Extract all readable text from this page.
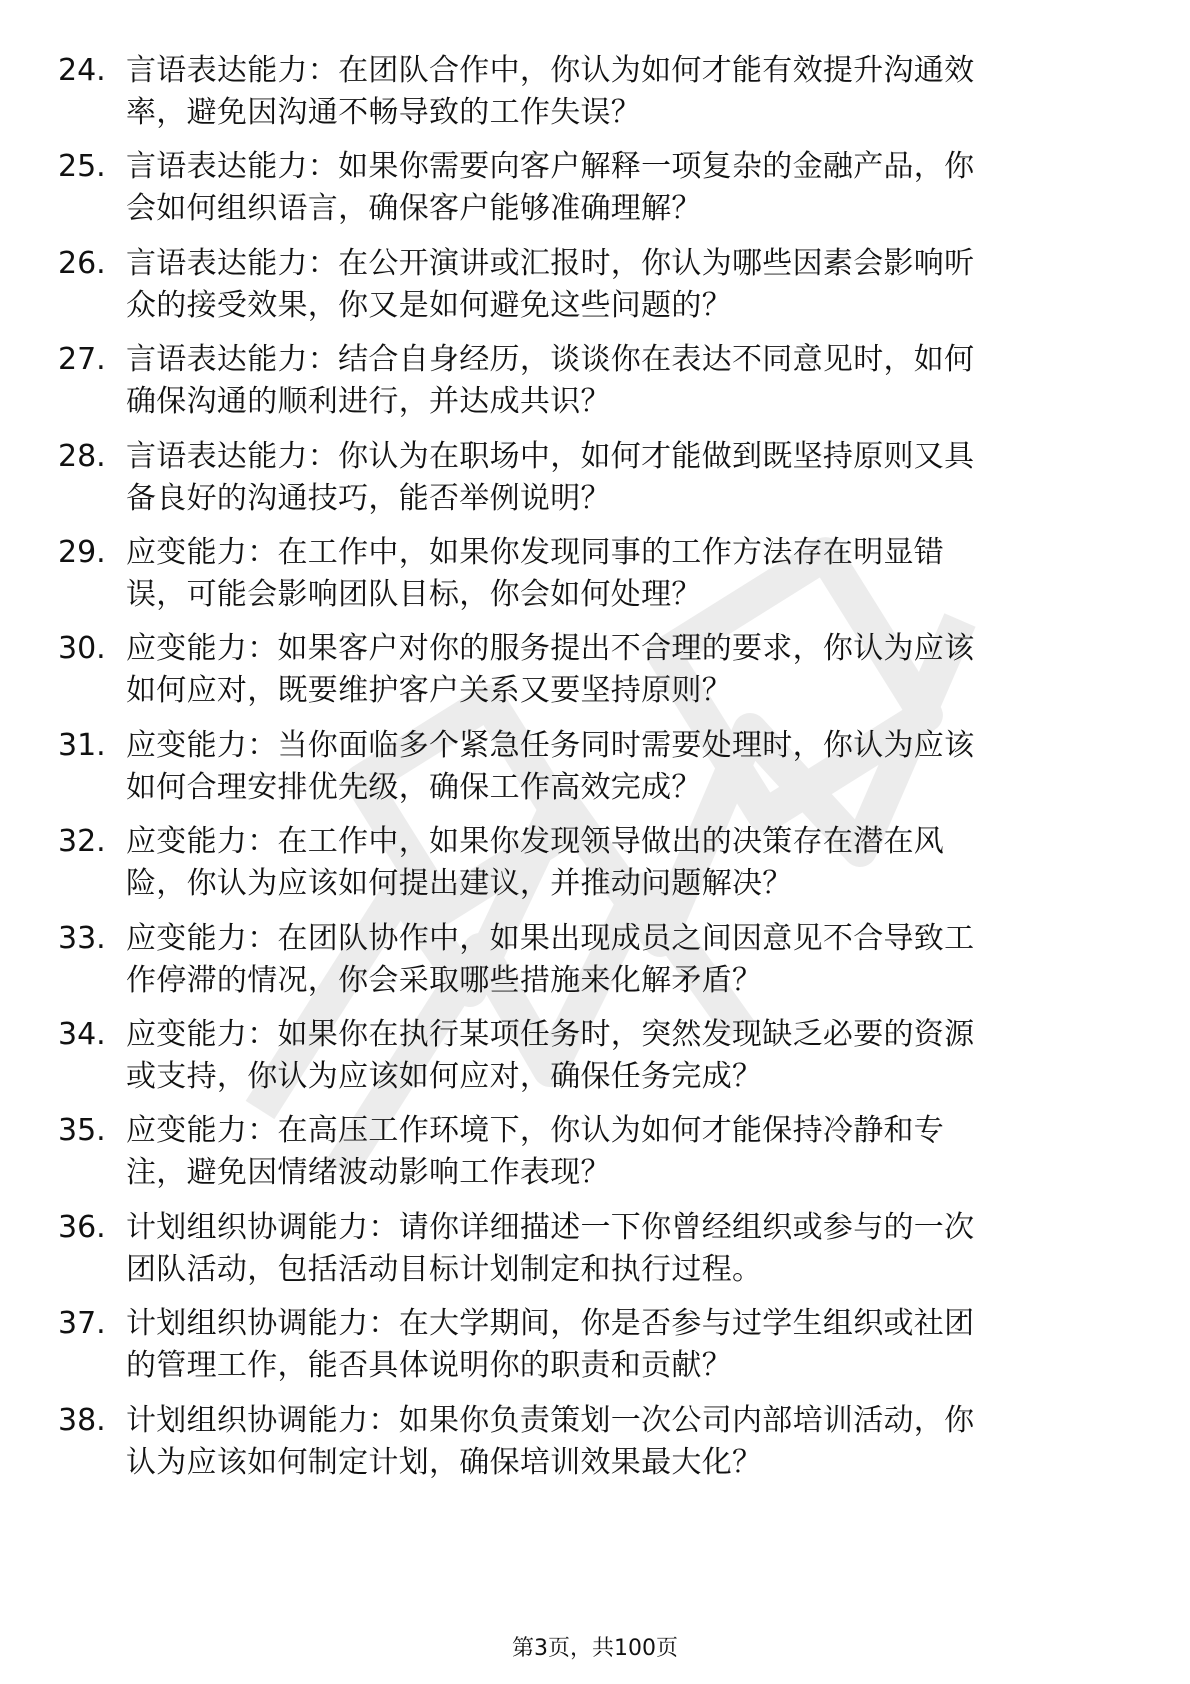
24. 言语表达能力：在团队合作中，你认为如何才能有效提升沟通效
率，避免因沟通不畅导致的工作失误？
25. 言语表达能力：如果你需要向客户解释一项复杂的金融产品，你
会如何组织语言，确保客户能够准确理解？
26. 言语表达能力：在公开演讲或汇报时，你认为哪些因素会影响听
众的接受效果，你又是如何避免这些问题的？
27. 言语表达能力：结合自身经历，谈谈你在表达不同意见时，如何
确保沟通的顺利进行，并达成共识？
28. 言语表达能力：你认为在职场中，如何才能做到既坚持原则又具
备良好的沟通技巧，能否举例说明？
29. 应变能力：在工作中，如果你发现同事的工作方法存在明显错
误，可能会影响团队目标，你会如何处理？
30. 应变能力：如果客户对你的服务提出不合理的要求，你认为应该
如何应对，既要维护客户关系又要坚持原则？
31. 应变能力：当你面临多个紧急任务同时需要处理时，你认为应该
如何合理安排优先级，确保工作高效完成？
32. 应变能力：在工作中，如果你发现领导做出的决策存在潜在风
险，你认为应该如何提出建议，并推动问题解决？
33. 应变能力：在团队协作中，如果出现成员之间因意见不合导致工
作停滞的情况，你会采取哪些措施来化解矛盾？
34. 应变能力：如果你在执行某项任务时，突然发现缺乏必要的资源
或支持，你认为应该如何应对，确保任务完成？
35. 应变能力：在高压工作环境下，你认为如何才能保持冷静和专
注，避免因情绪波动影响工作表现？
36. 计划组织协调能力：请你详细描述一下你曾经组织或参与的一次
团队活动，包括活动目标计划制定和执行过程。
37. 计划组织协调能力：在大学期间，你是否参与过学生组织或社团
的管理工作，能否具体说明你的职责和贡献？
38. 计划组织协调能力：如果你负责策划一次公司内部培训活动，你
认为应该如何制定计划，确保培训效果最大化？
第3页，共100页
